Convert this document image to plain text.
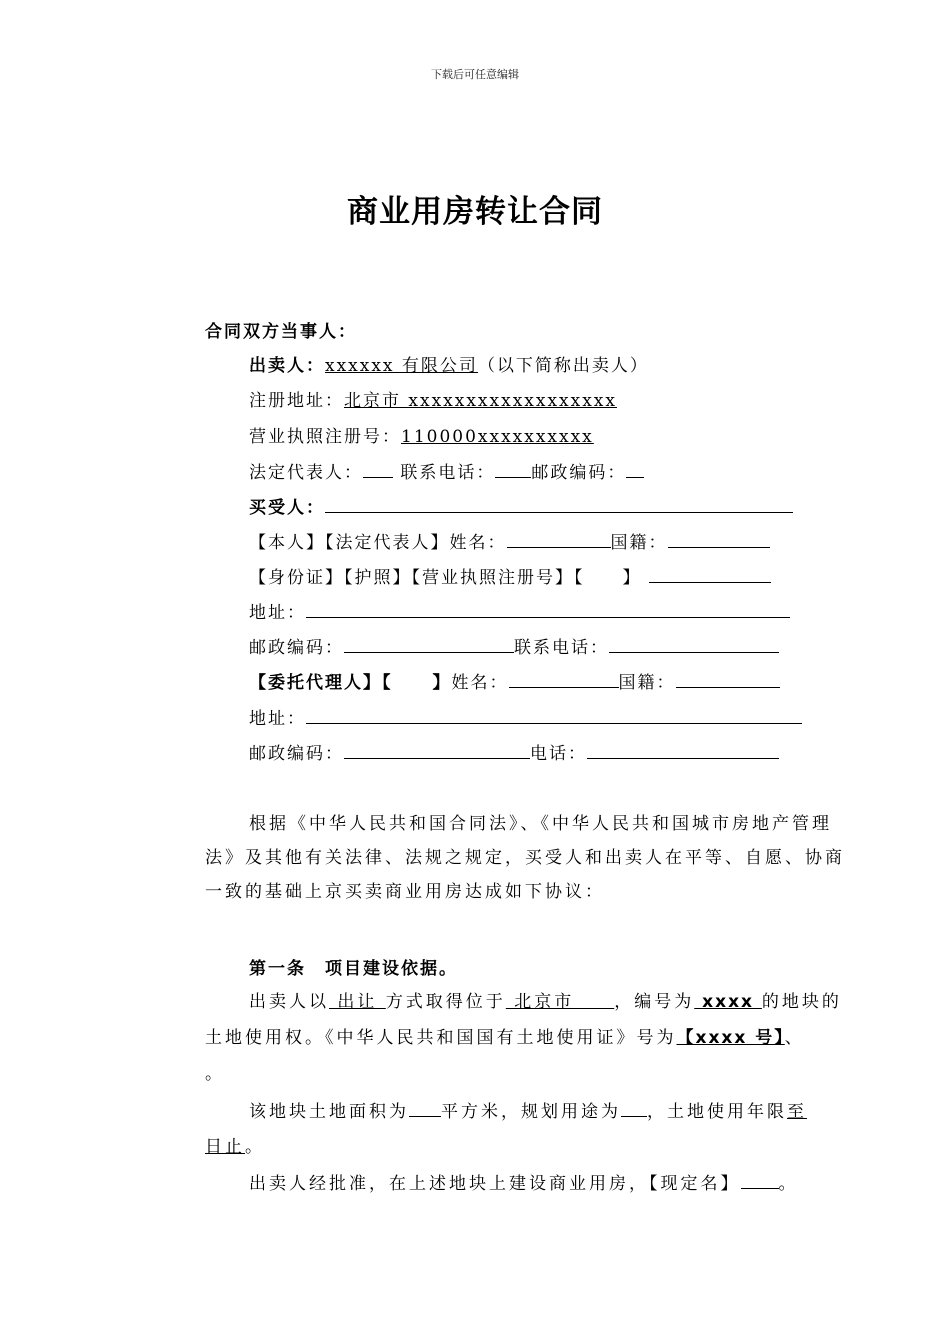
下载后可任意编辑
商业用房转让合同
合同双方当事人：
出卖人：xxxxxx 有限公司（以下简称出卖人）
注册地址：北京市 xxxxxxxxxxxxxxxxxx
营业执照注册号：110000xxxxxxxxxx
法定代表人： 联系电话： 邮政编码：
买受人：
【本人】【法定代表人】姓名：	国籍：
【身份证】【护照】【营业执照注册号】【 】
地址：
邮政编码：	联系电话：
【委托代理人】【 】姓名：	国籍：
地址：
邮政编码：	电话：
根据《中华人民共和国合同法》、《中华人民共和国城市房地产管理法》及其他有关法律、法规之规定，买受人和出卖人在平等、自愿、协商一致的基础上京买卖商业用房达成如下协议：
第一条　项目建设依据。
出卖人以 出让 方式取得位于 北京市　　，编号为 xxxx 的地块的
土地使用权。《中华人民共和国国有土地使用证》号为【xxxx 号】、
。
该地块土地面积为 平方米，规划用途为 ，土地使用年限至
日止。
出卖人经批准，在上述地块上建设商业用房，【现定名】 。
